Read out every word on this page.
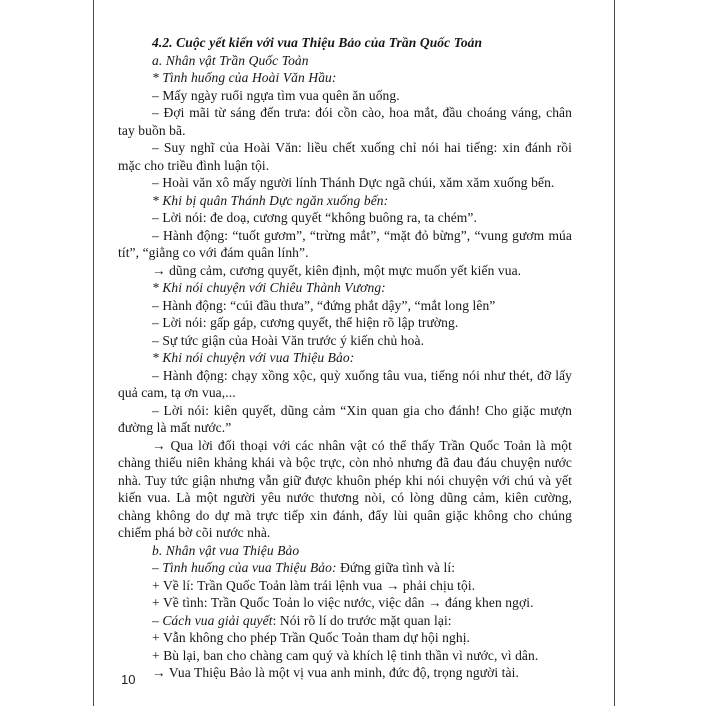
4.2. Cuộc yết kiến với vua Thiệu Bảo của Trần Quốc Toản

a. Nhân vật Trần Quốc Toản

* Tình huống của Hoài Văn Hầu:

– Mấy ngày ruổi ngựa tìm vua quên ăn uống.

– Đợi mãi từ sáng đến trưa: đói cồn cào, hoa mắt, đầu choáng váng, chân tay buồn bã.

– Suy nghĩ của Hoài Văn: liều chết xuống chỉ nói hai tiếng: xin đánh rồi mặc cho triều đình luận tội.

– Hoài văn xô mấy người lính Thánh Dực ngã chúi, xăm xăm xuống bến.

* Khi bị quân Thánh Dực ngăn xuống bến:

– Lời nói: đe doạ, cương quyết “không buông ra, ta chém”.

– Hành động: “tuốt gươm”, “trừng mắt”, “mặt đỏ bừng”, “vung gươm múa tít”, “giằng co với đám quân lính”.

→ dũng cảm, cương quyết, kiên định, một mực muốn yết kiến vua.

* Khi nói chuyện với Chiêu Thành Vương:

– Hành động: “cúi đầu thưa”, “đứng phắt dậy”, “mắt long lên”

– Lời nói: gấp gáp, cương quyết, thể hiện rõ lập trường.

– Sự tức giận của Hoài Văn trước ý kiến chủ hoà.

* Khi nói chuyện với vua Thiệu Bảo:

– Hành động: chạy xồng xộc, quỳ xuống tâu vua, tiếng nói như thét, đỡ lấy quả cam, tạ ơn vua,...

– Lời nói: kiên quyết, dũng cảm “Xin quan gia cho đánh! Cho giặc mượn đường là mất nước.”

→ Qua lời đối thoại với các nhân vật có thể thấy Trần Quốc Toản là một chàng thiếu niên khảng khái và bộc trực, còn nhỏ nhưng đã đau đáu chuyện nước nhà. Tuy tức giận nhưng vẫn giữ được khuôn phép khi nói chuyện với chú và yết kiến vua. Là một người yêu nước thương nòi, có lòng dũng cảm, kiên cường, chàng không do dự mà trực tiếp xin đánh, đẩy lùi quân giặc không cho chúng chiếm phá bờ cõi nước nhà.

b. Nhân vật vua Thiệu Bảo

– Tình huống của vua Thiệu Bảo: Đứng giữa tình và lí:

+ Về lí: Trần Quốc Toản làm trái lệnh vua → phải chịu tội.

+ Về tình: Trần Quốc Toản lo việc nước, việc dân → đáng khen ngợi.

– Cách vua giải quyết: Nói rõ lí do trước mặt quan lại:

+ Vẫn không cho phép Trần Quốc Toản tham dự hội nghị.

+ Bù lại, ban cho chàng cam quý và khích lệ tinh thần vì nước, vì dân.

→ Vua Thiệu Bảo là một vị vua anh minh, đức độ, trọng người tài.

10
